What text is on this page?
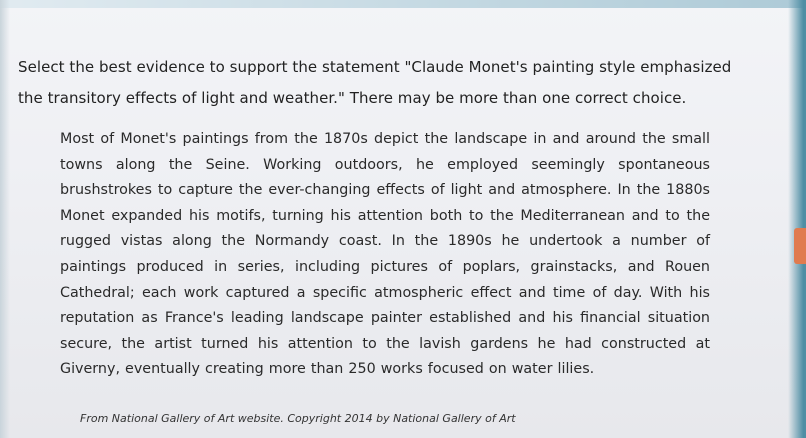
Select the best evidence to support the statement "Claude Monet's painting style emphasized the transitory effects of light and weather." There may be more than one correct choice.
Most of Monet's paintings from the 1870s depict the landscape in and around the small towns along the Seine. Working outdoors, he employed seemingly spontaneous brushstrokes to capture the ever-changing effects of light and atmosphere. In the 1880s Monet expanded his motifs, turning his attention both to the Mediterranean and to the rugged vistas along the Normandy coast. In the 1890s he undertook a number of paintings produced in series, including pictures of poplars, grainstacks, and Rouen Cathedral; each work captured a specific atmospheric effect and time of day. With his reputation as France's leading landscape painter established and his financial situation secure, the artist turned his attention to the lavish gardens he had constructed at Giverny, eventually creating more than 250 works focused on water lilies.
From National Gallery of Art website. Copyright 2014 by National Gallery of Art
